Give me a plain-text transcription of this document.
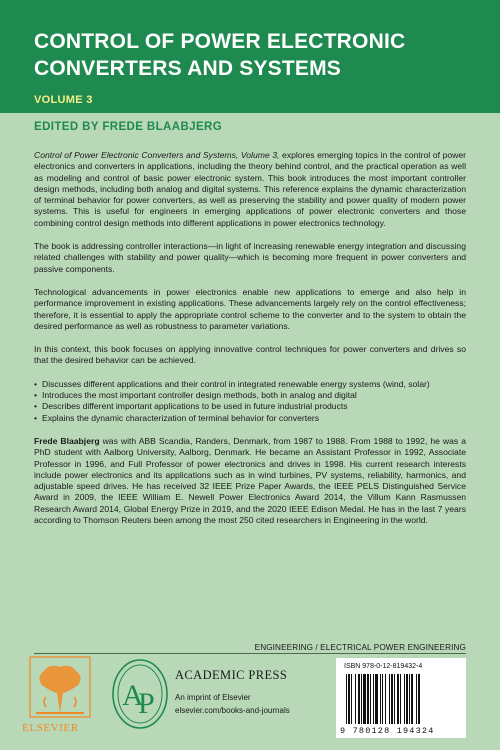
CONTROL OF POWER ELECTRONIC
CONVERTERS AND SYSTEMS
VOLUME 3
EDITED BY FREDE BLAABJERG

Control of Power Electronic Converters and Systems, Volume 3, explores emerging topics in the control of power electronics and converters in applications, including the theory behind control, and the practical operation as well as modeling and control of basic power electronic system. This book introduces the most important controller design methods, including both analog and digital systems. This reference explains the dynamic characterization of terminal behavior for power converters, as well as preserving the stability and power quality of modern power systems. This is useful for engineers in emerging applications of power electronic converters and those combining control design methods into different applications in power electronics technology.

The book is addressing controller interactions—in light of increasing renewable energy integration and discussing related challenges with stability and power quality—which is becoming more frequent in power converters and passive components.

Technological advancements in power electronics enable new applications to emerge and also help in performance improvement in existing applications. These advancements largely rely on the control effectiveness; therefore, it is essential to apply the appropriate control scheme to the converter and to the system to obtain the desired performance as well as robustness to parameter variations.

In this context, this book focuses on applying innovative control techniques for power converters and drives so that the desired behavior can be achieved.

• Discusses different applications and their control in integrated renewable energy systems (wind, solar)
• Introduces the most important controller design methods, both in analog and digital
• Describes different important applications to be used in future industrial products
• Explains the dynamic characterization of terminal behavior for converters

Frede Blaabjerg was with ABB Scandia, Randers, Denmark, from 1987 to 1988. From 1988 to 1992, he was a PhD student with Aalborg University, Aalborg, Denmark. He became an Assistant Professor in 1992, Associate Professor in 1996, and Full Professor of power electronics and drives in 1998. His current research interests include power electronics and its applications such as in wind turbines, PV systems, reliability, harmonics, and adjustable speed drives. He has received 32 IEEE Prize Paper Awards, the IEEE PELS Distinguished Service Award in 2009, the IEEE William E. Newell Power Electronics Award 2014, the Villum Kann Rasmussen Research Award 2014, Global Energy Prize in 2019, and the 2020 IEEE Edison Medal. He has in the last 7 years according to Thomson Reuters been among the most 250 cited researchers in Engineering in the world.

ENGINEERING / ELECTRICAL POWER ENGINEERING
ELSEVIER
A
P
ACADEMIC PRESS
An imprint of Elsevier
elsevier.com/books-and-journals
ISBN 978-0-12-819432-4
9 780128 194324
